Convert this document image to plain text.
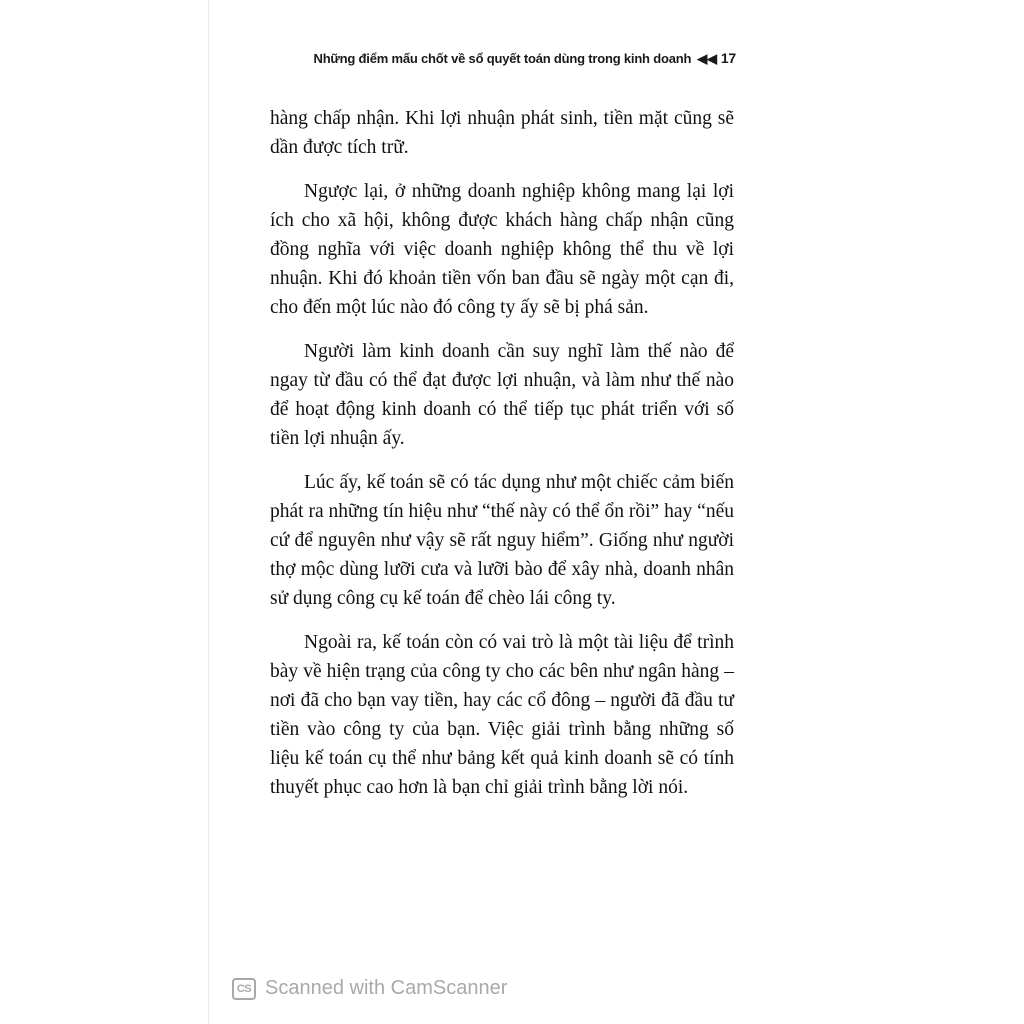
Những điểm mấu chốt về sổ quyết toán dùng trong kinh doanh ◀◀ 17

hàng chấp nhận. Khi lợi nhuận phát sinh, tiền mặt cũng sẽ dần được tích trữ.

Ngược lại, ở những doanh nghiệp không mang lại lợi ích cho xã hội, không được khách hàng chấp nhận cũng đồng nghĩa với việc doanh nghiệp không thể thu về lợi nhuận. Khi đó khoản tiền vốn ban đầu sẽ ngày một cạn đi, cho đến một lúc nào đó công ty ấy sẽ bị phá sản.

Người làm kinh doanh cần suy nghĩ làm thế nào để ngay từ đầu có thể đạt được lợi nhuận, và làm như thế nào để hoạt động kinh doanh có thể tiếp tục phát triển với số tiền lợi nhuận ấy.

Lúc ấy, kế toán sẽ có tác dụng như một chiếc cảm biến phát ra những tín hiệu như “thế này có thể ổn rồi” hay “nếu cứ để nguyên như vậy sẽ rất nguy hiểm”. Giống như người thợ mộc dùng lưỡi cưa và lưỡi bào để xây nhà, doanh nhân sử dụng công cụ kế toán để chèo lái công ty.

Ngoài ra, kế toán còn có vai trò là một tài liệu để trình bày về hiện trạng của công ty cho các bên như ngân hàng – nơi đã cho bạn vay tiền, hay các cổ đông – người đã đầu tư tiền vào công ty của bạn. Việc giải trình bằng những số liệu kế toán cụ thể như bảng kết quả kinh doanh sẽ có tính thuyết phục cao hơn là bạn chỉ giải trình bằng lời nói.

CS Scanned with CamScanner
